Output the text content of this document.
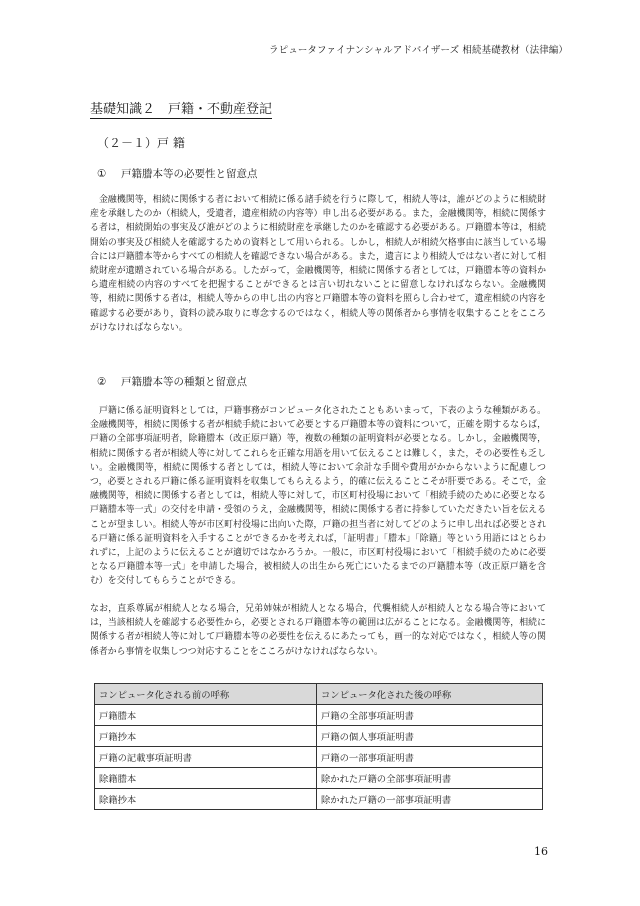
ラピュータファイナンシャルアドバイザーズ 相続基礎教材（法律編）
基礎知識２　戸籍・不動産登記
（２－１）戸 籍
① 戸籍謄本等の必要性と留意点

　金融機関等，相続に関係する者において相続に係る諸手続を行うに際して，相続人等は，誰がどのように相続財産を承継したのか（相続人，受遺者，遺産相続の内容等）申し出る必要がある。また，金融機関等，相続に関係する者は，相続開始の事実及び誰がどのように相続財産を承継したのかを確認する必要がある。戸籍謄本等は，相続開始の事実及び相続人を確認するための資料として用いられる。しかし，相続人が相続欠格事由に該当している場合には戸籍謄本等からすべての相続人を確認できない場合がある。また，遺言により相続人ではない者に対して相続財産が遺贈されている場合がある。したがって，金融機関等，相続に関係する者としては，戸籍謄本等の資料から遺産相続の内容のすべてを把握することができるとは言い切れないことに留意しなければならない。金融機関等，相続に関係する者は，相続人等からの申し出の内容と戸籍謄本等の資料を照らし合わせて，遺産相続の内容を確認する必要があり，資料の読み取りに専念するのではなく，相続人等の関係者から事情を収集することをこころがけなければならない。

② 戸籍謄本等の種類と留意点

　戸籍に係る証明資料としては，戸籍事務がコンピュータ化されたこともあいまって，下表のような種類がある。金融機関等，相続に関係する者が相続手続において必要とする戸籍謄本等の資料について，正確を期するならば，戸籍の全部事項証明者，除籍謄本（改正原戸籍）等，複数の種類の証明資料が必要となる。しかし，金融機関等，相続に関係する者が相続人等に対してこれらを正確な用語を用いて伝えることは難しく，また，その必要性も乏しい。金融機関等，相続に関係する者としては，相続人等において余計な手間や費用がかからないように配慮しつつ，必要とされる戸籍に係る証明資料を収集してもらえるよう，的確に伝えることこそが肝要である。そこで，金融機関等，相続に関係する者としては，相続人等に対して，市区町村役場において「相続手続のために必要となる戸籍謄本等一式」の交付を申請・受領のうえ，金融機関等，相続に関係する者に持参していただきたい旨を伝えることが望ましい。相続人等が市区町村役場に出向いた際，戸籍の担当者に対してどのように申し出れば必要とされる戸籍に係る証明資料を入手することができるかを考えれば，「証明書」「謄本」「除籍」等という用語にはとらわれずに，上記のように伝えることが適切ではなかろうか。一般に，市区町村役場において「相続手続のために必要となる戸籍謄本等一式」を申請した場合，被相続人の出生から死亡にいたるまでの戸籍謄本等（改正原戸籍を含む）を交付してもらうことができる。

なお，直系尊属が相続人となる場合，兄弟姉妹が相続人となる場合，代襲相続人が相続人となる場合等においては，当該相続人を確認する必要性から，必要とされる戸籍謄本等の範囲は広がることになる。金融機関等，相続に関係する者が相続人等に対して戸籍謄本等の必要性を伝えるにあたっても，画一的な対応ではなく，相続人等の関係者から事情を収集しつつ対応することをこころがけなければならない。

コンピュータ化される前の呼称	コンピュータ化された後の呼称
戸籍謄本	戸籍の全部事項証明書
戸籍抄本	戸籍の個人事項証明書
戸籍の記載事項証明書	戸籍の一部事項証明書
除籍謄本	除かれた戸籍の全部事項証明書
除籍抄本	除かれた戸籍の一部事項証明書
16
